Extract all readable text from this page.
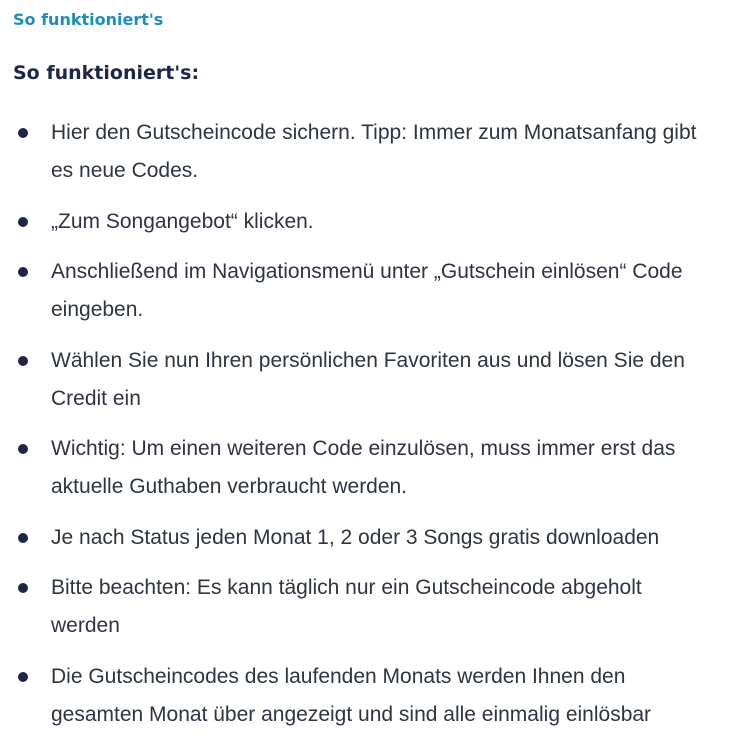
So funktioniert's
So funktioniert's:
Hier den Gutscheincode sichern. Tipp: Immer zum Monatsanfang gibt es neue Codes.
„Zum Songangebot“ klicken.
Anschließend im Navigationsmenü unter „Gutschein einlösen“ Code eingeben.
Wählen Sie nun Ihren persönlichen Favoriten aus und lösen Sie den Credit ein
Wichtig: Um einen weiteren Code einzulösen, muss immer erst das aktuelle Guthaben verbraucht werden.
Je nach Status jeden Monat 1, 2 oder 3 Songs gratis downloaden
Bitte beachten: Es kann täglich nur ein Gutscheincode abgeholt werden
Die Gutscheincodes des laufenden Monats werden Ihnen den gesamten Monat über angezeigt und sind alle einmalig einlösbar
